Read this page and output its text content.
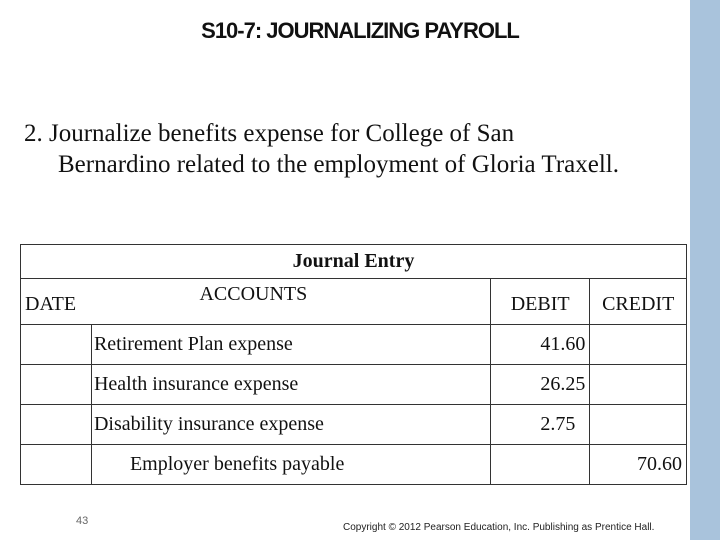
S10-7: JOURNALIZING PAYROLL
2. Journalize benefits expense for College of San
Bernardino related to the employment of Gloria Traxell.
Journal Entry			
DATE	ACCOUNTS	DEBIT	CREDIT
	Retirement Plan expense	41.60	
	Health insurance expense	26.25	
	Disability insurance expense	2.75	
	Employer benefits payable		70.60
43
Copyright © 2012 Pearson Education, Inc. Publishing as Prentice Hall.
